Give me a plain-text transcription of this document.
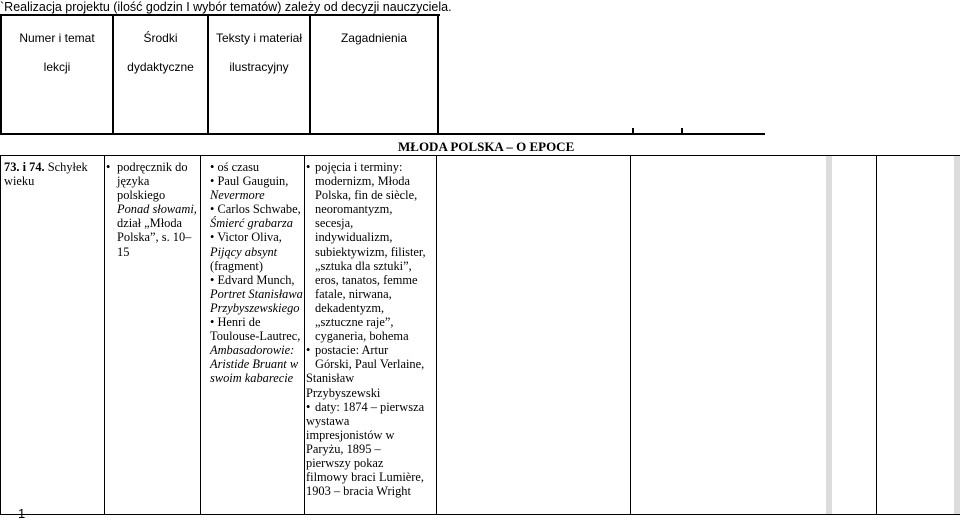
`Realizacja projektu (ilość godzin I wybór tematów) zależy od decyzji nauczyciela.
Numer i temat
lekcji
Środki
dydaktyczne
Teksty i materiał
ilustracyjny
Zagadnienia
MŁODA POLSKA – O EPOCE
73. i 74. Schyłek
wieku
• podręcznik do
języka polskiego
Ponad słowami,
dział „Młoda
Polska”, s. 10–15
• oś czasu
• Paul Gauguin,
Nevermore
• Carlos Schwabe,
Śmierć grabarza
• Victor Oliva,
Pijący absynt
(fragment)
• Edvard Munch,
Portret Stanisława
Przybyszewskiego
• Henri de
Toulouse-Lautrec,
Ambasadorowie:
Aristide Bruant w
swoim kabarecie
• pojęcia i terminy:
modernizm, Młoda
Polska, fin de siècle,
neoromantyzm,
secesja,
indywidualizm,
subiektywizm, filister,
„sztuka dla sztuki”,
eros, tanatos, femme
fatale, nirwana,
dekadentyzm,
„sztuczne raje”,
cyganeria, bohema
• postacie: Artur
Górski, Paul Verlaine,
Stanisław
Przybyszewski
• daty: 1874 – pierwsza
wystawa
impresjonistów w
Paryżu, 1895 –
pierwszy pokaz
filmowy braci Lumière,
1903 – bracia Wright
1
